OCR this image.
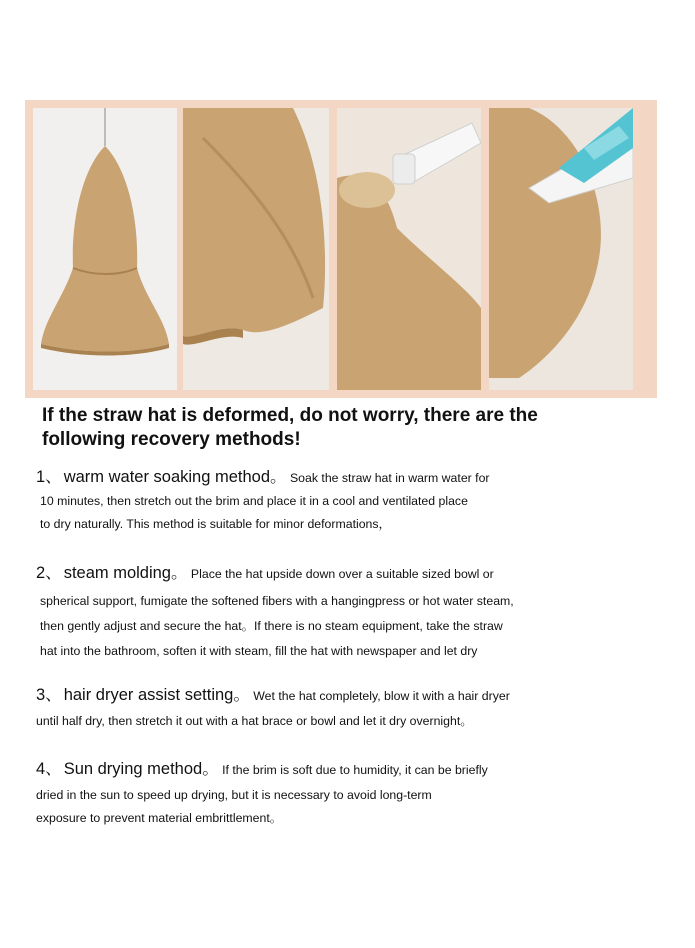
If the straw hat is deformed, do not worry, there are the
following recovery methods!
1、 warm water soaking method。 Soak the straw hat in warm water for
10 minutes, then stretch out the brim and place it in a cool and ventilated place
to dry naturally. This method is suitable for minor deformations，
2、 steam molding。 Place the hat upside down over a suitable sized bowl or
spherical support, fumigate the softened fibers with a hangingpress or hot water steam,
then gently adjust and secure the hat。If there is no steam equipment, take the straw
hat into the bathroom, soften it with steam, fill the hat with newspaper and let dry
3、 hair dryer assist setting。 Wet the hat completely, blow it with a hair dryer
until half dry, then stretch it out with a hat brace or bowl and let it dry overnight。
4、 Sun drying method。 If the brim is soft due to humidity, it can be briefly
dried in the sun to speed up drying, but it is necessary to avoid long-term
exposure to prevent material embrittlement。
